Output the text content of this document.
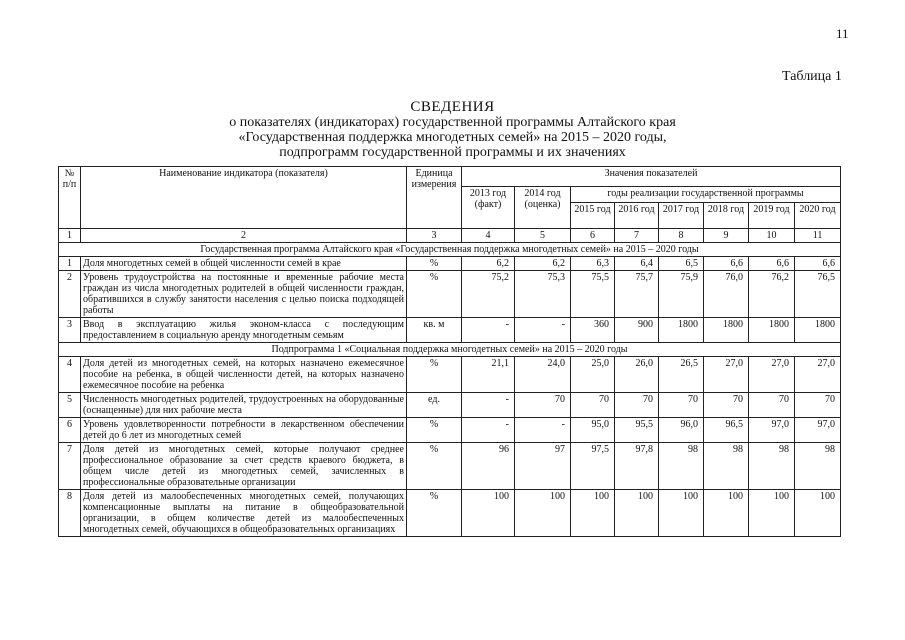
11
Таблица 1
СВЕДЕНИЯ
о показателях (индикаторах) государственной программы Алтайского края
«Государственная поддержка многодетных семей» на 2015 – 2020 годы,
подпрограмм государственной программы и их значениях
№ п/п	Наименование индикатора (показателя)	Единица измерения	Значения показателей							
			2013 год (факт)	2014 год (оценка)	годы реализации государственной программы					
					2015 год	2016 год	2017 год	2018 год	2019 год	2020 год
1	2	3	4	5	6	7	8	9	10	11
Государственная программа Алтайского края «Государственная поддержка многодетных семей» на 2015 – 2020 годы										
1	Доля многодетных семей в общей численности семей в крае	%	6,2	6,2	6,3	6,4	6,5	6,6	6,6	6,6
2	Уровень трудоустройства на постоянные и временные рабочие места граждан из числа многодетных родителей в общей численности граждан, обратившихся в службу занятости населения с целью поиска подходящей работы	%	75,2	75,3	75,5	75,7	75,9	76,0	76,2	76,5
3	Ввод в эксплуатацию жилья эконом-класса с последующим предоставлением в социальную аренду многодетным семьям	кв. м	-	-	360	900	1800	1800	1800	1800
Подпрограмма 1 «Социальная поддержка многодетных семей» на 2015 – 2020 годы										
4	Доля детей из многодетных семей, на которых назначено ежемесячное пособие на ребенка, в общей численности детей, на которых назначено ежемесячное пособие на ребенка	%	21,1	24,0	25,0	26,0	26,5	27,0	27,0	27,0
5	Численность многодетных родителей, трудоустроенных на оборудованные (оснащенные) для них рабочие места	ед.	-	70	70	70	70	70	70	70
6	Уровень удовлетворенности потребности в лекарственном обеспечении детей до 6 лет из многодетных семей	%	-	-	95,0	95,5	96,0	96,5	97,0	97,0
7	Доля детей из многодетных семей, которые получают среднее профессиональное образование за счет средств краевого бюджета, в общем числе детей из многодетных семей, зачисленных в профессиональные образовательные организации	%	96	97	97,5	97,8	98	98	98	98
8	Доля детей из малообеспеченных многодетных семей, получающих компенсационные выплаты на питание в общеобразовательной организации, в общем количестве детей из малообеспеченных многодетных семей, обучающихся в общеобразовательных организациях	%	100	100	100	100	100	100	100	100
